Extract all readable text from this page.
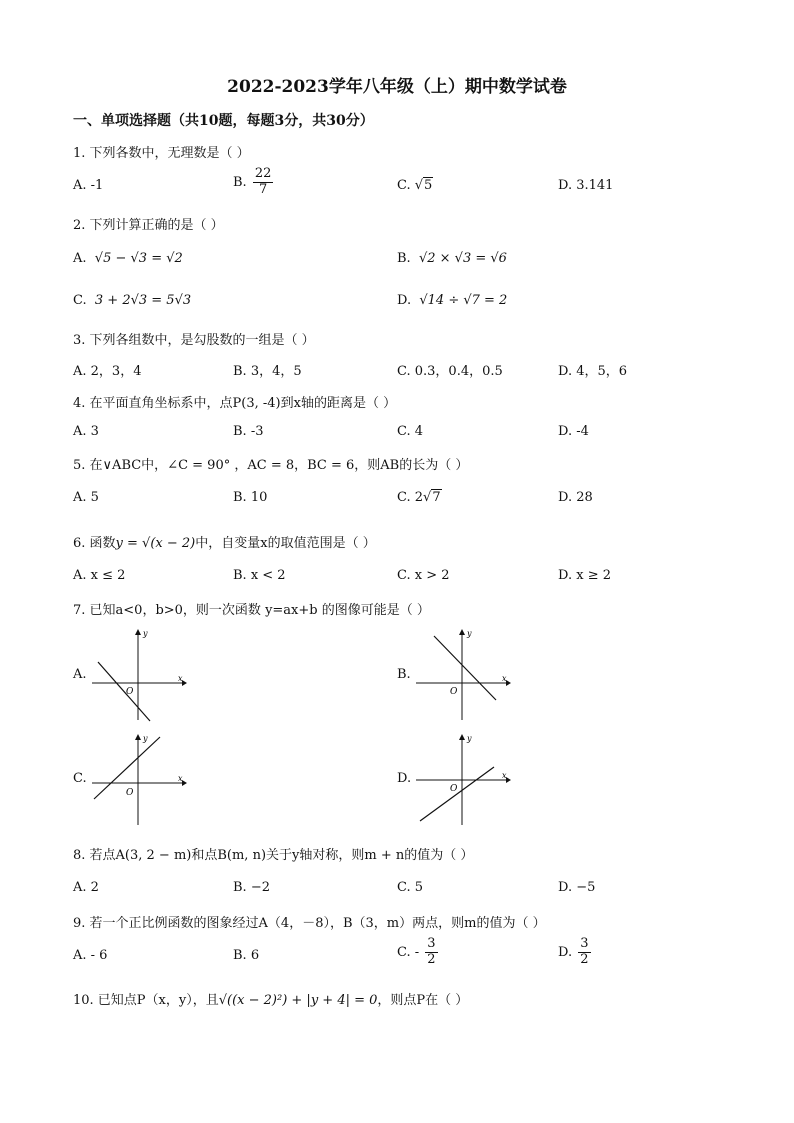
2022-2023学年八年级（上）期中数学试卷
一、单项选择题（共10题，每题3分，共30分）
1. 下列各数中，无理数是（ ）
A. -1	B. $\frac{22}{7}$	C. √5	D. 3.141
2. 下列计算正确的是（ ）
A. √5 − √3 = √2	B. √2 × √3 = √6
C. 3 + 2√3 = 5√3	D. √14 ÷ √7 = 2
3. 下列各组数中，是勾股数的一组是（ ）
A. 2，3，4	B. 3，4，5	C. 0.3，0.4，0.5	D. 4，5，6
4. 在平面直角坐标系中，点P(3, -4)到x轴的距离是（ ）
A. 3	B. -3	C. 4	D. -4
5. 在∨ABC中，∠C = 90° ，AC = 8，BC = 6，则AB的长为（ ）
A. 5	B. 10	C. 2√7	D. 28
6. 函数y = √(x − 2)中，自变量x的取值范围是（ ）
A. x ≤ 2	B. x < 2	C. x > 2	D. x ≥ 2
7. 已知a<0，b>0，则一次函数 y=ax+b 的图像可能是（ ）
A.
y
x
O
B.
y
x
O
C.
y
x
O
D.
y
x
O
8. 若点A(3, 2 − m)和点B(m, n)关于y轴对称，则m + n的值为（ ）
A. 2	B. −2	C. 5	D. −5
9. 若一个正比例函数的图象经过A（4，－8），B（3，m）两点，则m的值为（ ）
A. - 6	B. 6	C. - $\frac{3}{2}$	D. $\frac{3}{2}$
10. 已知点P（x，y），且√((x − 2)²) + |y + 4| = 0，则点P在（ ）
